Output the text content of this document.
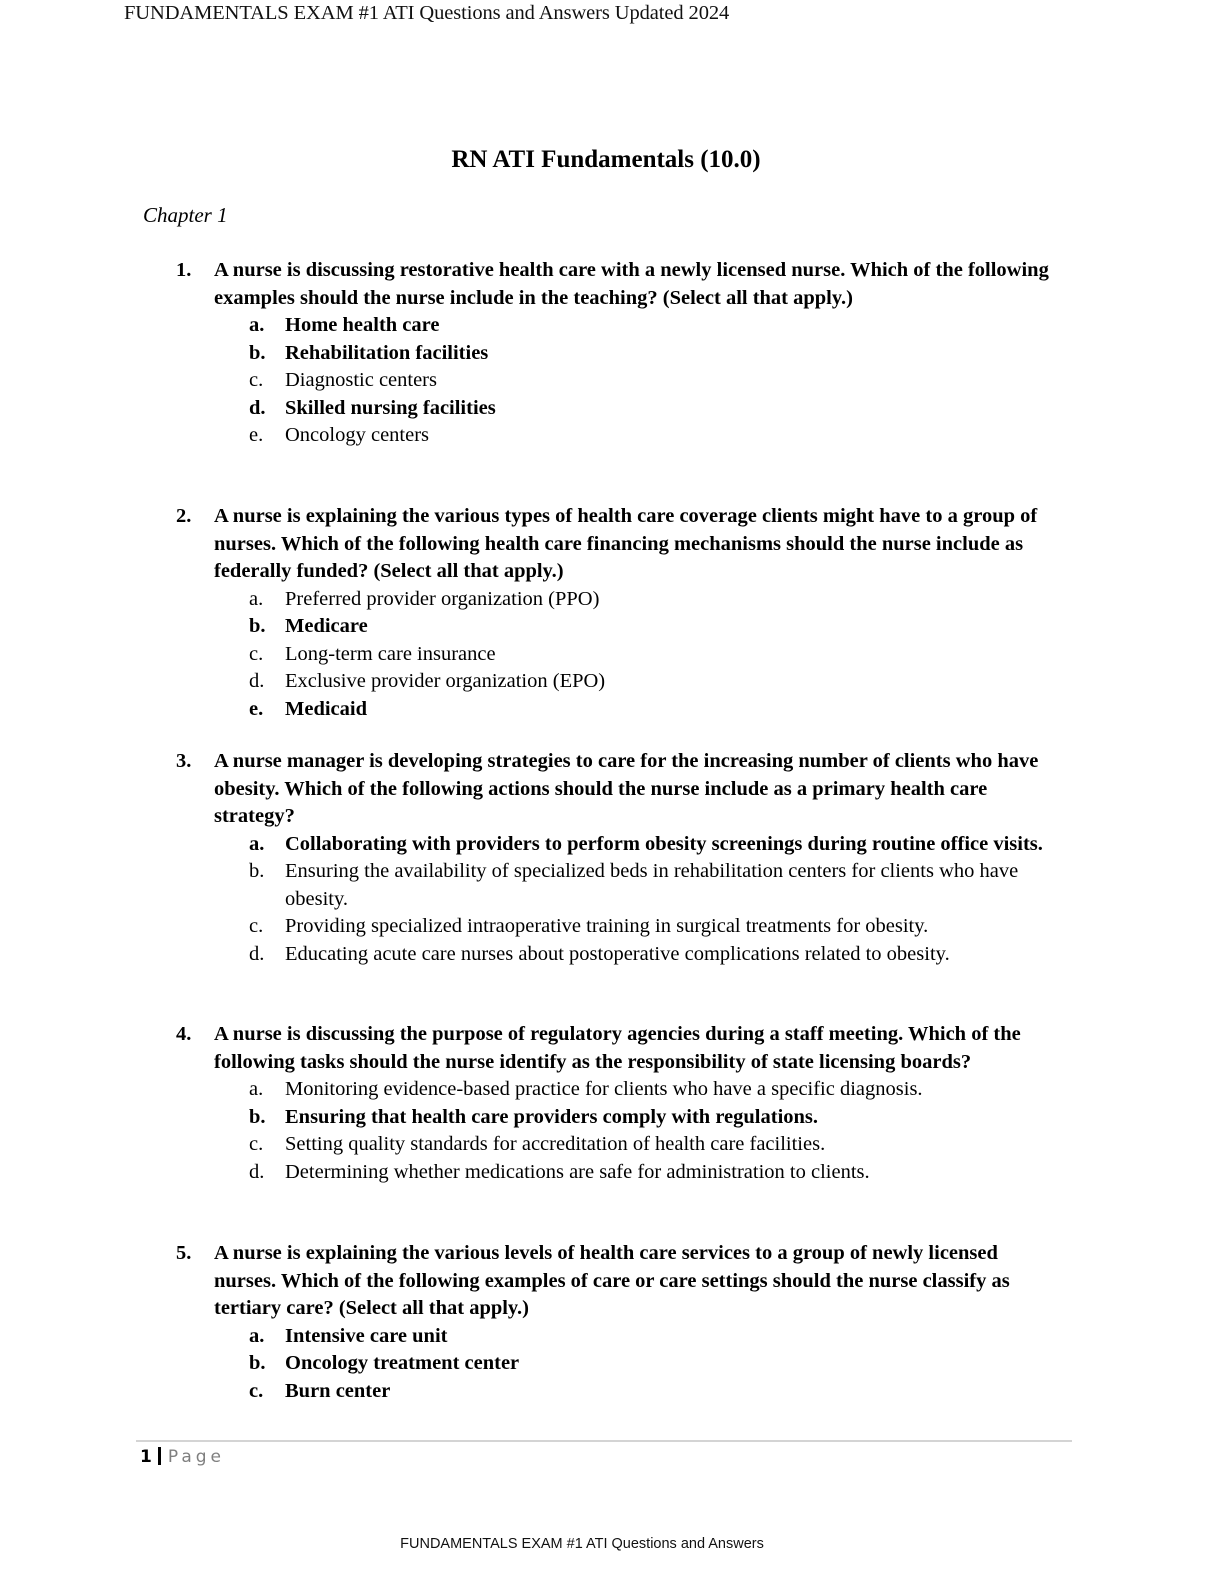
FUNDAMENTALS EXAM #1 ATI Questions and Answers Updated 2024
RN ATI Fundamentals (10.0)
Chapter 1
1.	A nurse is discussing restorative health care with a newly licensed nurse. Which of the following examples should the nurse include in the teaching? (Select all that apply.)
a.	Home health care
b. Rehabilitation facilities
c.	Diagnostic centers
d. Skilled nursing facilities
e.	Oncology centers
2.	A nurse is explaining the various types of health care coverage clients might have to a group of nurses. Which of the following health care financing mechanisms should the nurse include as federally funded? (Select all that apply.)
a.	Preferred provider organization (PPO)
b. Medicare
c.	Long-term care insurance
d.	Exclusive provider organization (EPO)
e.	Medicaid
3.	A nurse manager is developing strategies to care for the increasing number of clients who have obesity. Which of the following actions should the nurse include as a primary health care strategy?
a.	Collaborating with providers to perform obesity screenings during routine office visits.
b.	Ensuring the availability of specialized beds in rehabilitation centers for clients who have obesity.
c.	Providing specialized intraoperative training in surgical treatments for obesity.
d.	Educating acute care nurses about postoperative complications related to obesity.
4.	A nurse is discussing the purpose of regulatory agencies during a staff meeting. Which of the following tasks should the nurse identify as the responsibility of state licensing boards?
a.	Monitoring evidence-based practice for clients who have a specific diagnosis.
b. Ensuring that health care providers comply with regulations.
c.	Setting quality standards for accreditation of health care facilities.
d.	Determining whether medications are safe for administration to clients.
5.	A nurse is explaining the various levels of health care services to a group of newly licensed nurses. Which of the following examples of care or care settings should the nurse classify as tertiary care? (Select all that apply.)
a.	Intensive care unit
b. Oncology treatment center
c.	Burn center
1 Page
FUNDAMENTALS EXAM #1 ATI Questions and Answers
